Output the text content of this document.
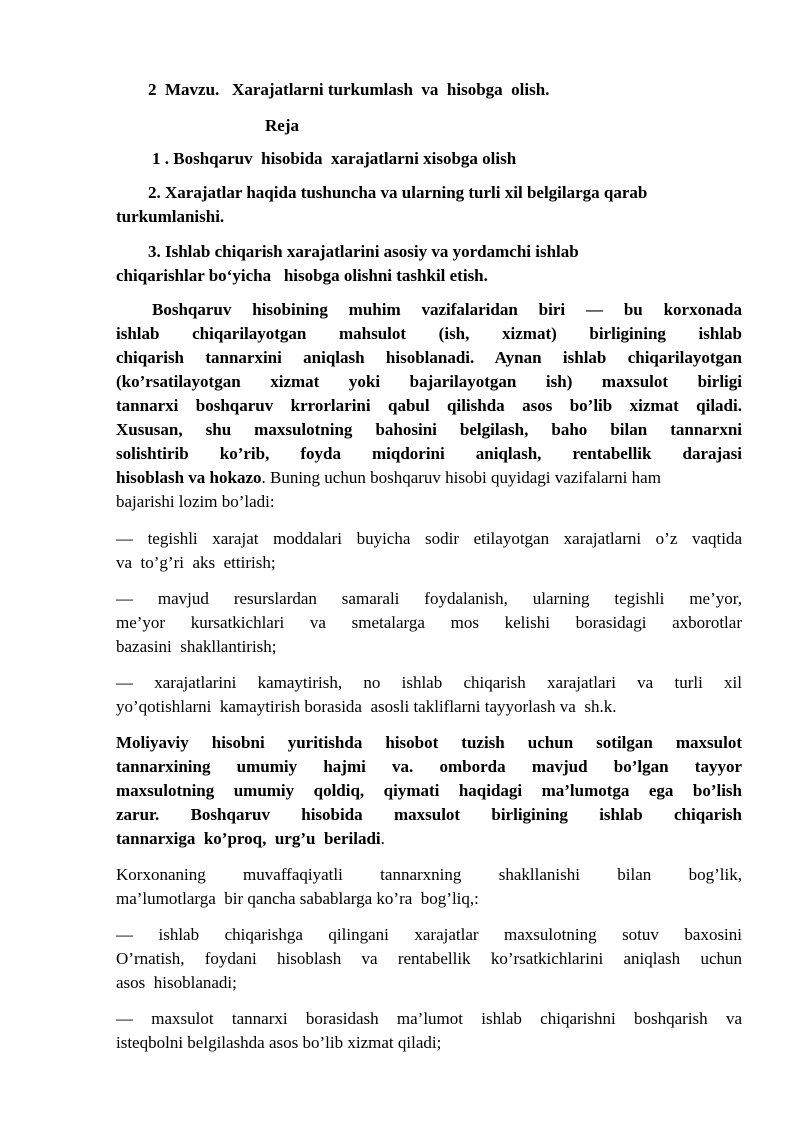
2  Mavzu.   Xarajatlarni turkumlash  va  hisobga  olish.
Reja
1 . Boshqaruv  hisobida  xarajatlarni xisobga olish
2. Xarajatlar haqida tushuncha va ularning turli xil belgilarga qarab
turkumlanishi.
3. Ishlab chiqarish xarajatlarini asosiy va yordamchi ishlab
chiqarishlar bo‘yicha   hisobga olishni tashkil etish.
Boshqaruv hisobining muhim vazifalaridan biri — bu korxonada
ishlab chiqarilayotgan mahsulot (ish, xizmat) birligining ishlab
chiqarish tannarxini aniqlash hisoblanadi. Aynan ishlab chiqarilayotgan
(ko’rsatilayotgan xizmat yoki bajarilayotgan ish) maxsulot birligi
tannarxi boshqaruv krrorlarini qabul qilishda asos bo’lib xizmat qiladi.
Xususan, shu maxsulotning bahosini belgilash, baho bilan tannarxni
solishtirib ko’rib, foyda miqdorini aniqlash, rentabellik darajasi
hisoblash va hokazo. Buning uchun boshqaruv hisobi quyidagi vazifalarni ham
bajarishi lozim bo’ladi:
— tegishli xarajat moddalari buyicha sodir etilayotgan xarajatlarni o’z vaqtida
va  to’g’ri  aks  ettirish;
— mavjud resurslardan samarali foydalanish, ularning tegishli me’yor,
me’yor kursatkichlari va smetalarga mos kelishi borasidagi axborotlar
bazasini  shakllantirish;
— xarajatlarini kamaytirish, no ishlab chiqarish xarajatlari va turli xil
yo’qotishlarni  kamaytirish borasida  asosli takliflarni tayyorlash va  sh.k.
Moliyaviy hisobni yuritishda hisobot tuzish uchun sotilgan maxsulot
tannarxining umumiy hajmi va. omborda mavjud bo’lgan tayyor
maxsulotning umumiy qoldiq, qiymati haqidagi ma’lumotga ega bo’lish
zarur. Boshqaruv hisobida maxsulot birligining ishlab chiqarish
tannarxiga  ko’proq,  urg’u  beriladi.
Korxonaning muvaffaqiyatli tannarxning shakllanishi bilan bog’lik,
ma’lumotlarga  bir qancha sabablarga ko’ra  bog’liq,:
— ishlab chiqarishga qilingani xarajatlar maxsulotning sotuv baxosini
O’rnatish, foydani hisoblash va rentabellik ko’rsatkichlarini aniqlash uchun
asos  hisoblanadi;
— maxsulot tannarxi borasidash ma’lumot ishlab chiqarishni boshqarish va
isteqbolni belgilashda asos bo’lib xizmat qiladi;
